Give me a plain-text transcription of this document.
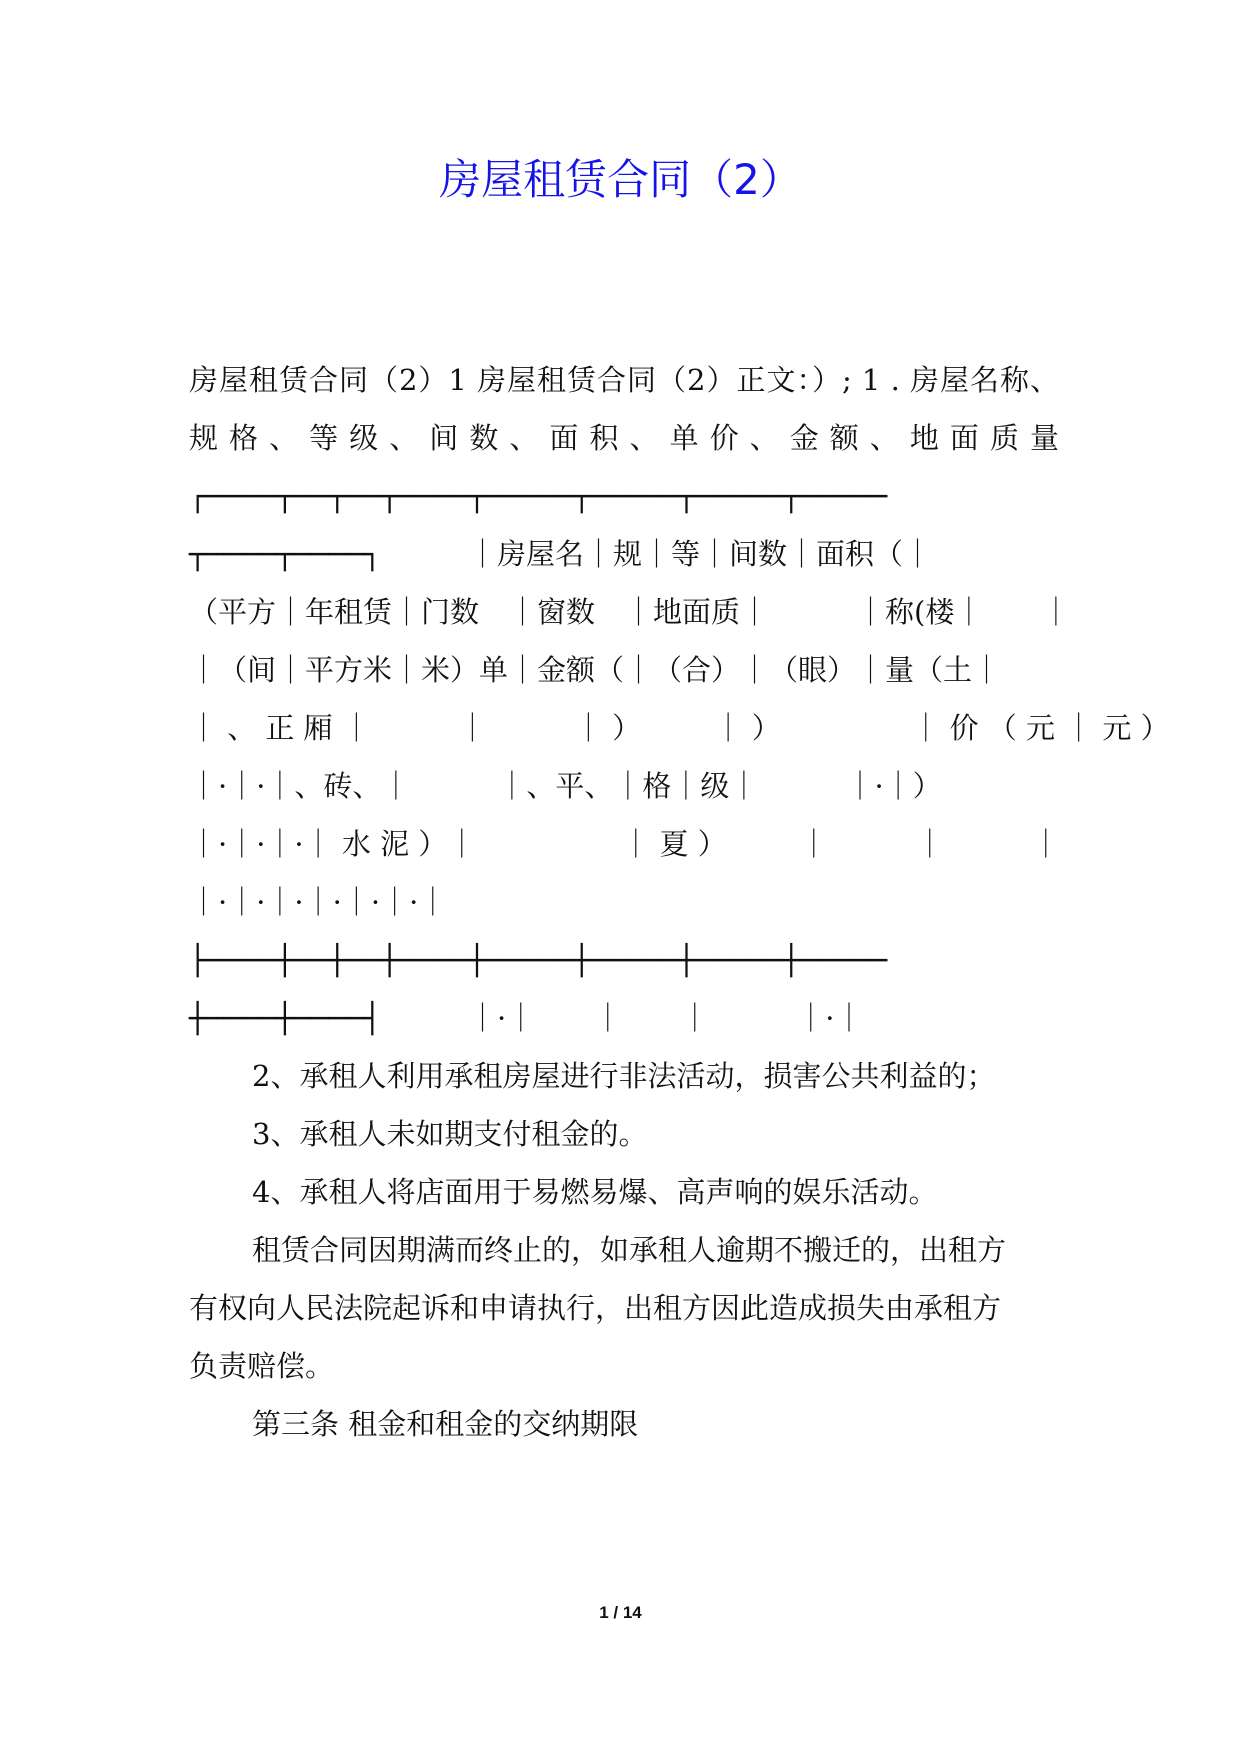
房屋租赁合同（2）
房屋租赁合同（2）1 房屋租赁合同（2）正文：）; 1 . 房屋名称、
规 格 、 等 级 、 间 数 、 面 积 、 单 价 、 金 额 、 地 面 质 量
┌────┬──┬──┬────┬─────┬─────┬─────┬─────
┬────┬────┐　　　｜房屋名｜规｜等｜间数｜面积（｜
（平方｜年租赁｜门数　｜窗数　｜地面质｜　　　｜称(楼｜　　｜
｜（间｜平方米｜米）单｜金额（｜（合）｜（眼）｜量（土｜
｜ 、 正 厢 ｜　　　｜　　　｜ ）　　　｜ ）　　　　　｜ 价 （ 元 ｜ 元 ）
｜·｜·｜、砖、｜　　　｜、平、｜格｜级｜　　　｜·｜）
｜·｜·｜·｜ 水 泥 ）｜　　　　　｜ 夏 ）　　　｜　　　｜　　　｜
｜·｜·｜·｜·｜·｜·｜
├────┼──┼──┼────┼─────┼─────┼─────┼─────
┼────┼────┤　　　｜·｜　　｜　　｜　　　｜·｜
2、承租人利用承租房屋进行非法活动，损害公共利益的；
3、承租人未如期支付租金的。
4、承租人将店面用于易燃易爆、高声响的娱乐活动。
租赁合同因期满而终止的，如承租人逾期不搬迁的，出租方
有权向人民法院起诉和申请执行，出租方因此造成损失由承租方
负责赔偿。
第三条 租金和租金的交纳期限
1 / 14
